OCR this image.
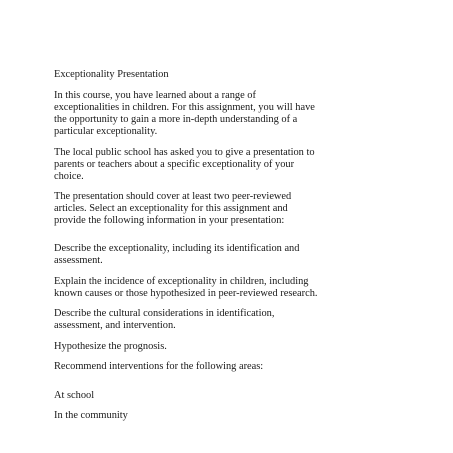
Exceptionality Presentation

In this course, you have learned about a range of

exceptionalities in children. For this assignment, you will have

the opportunity to gain a more in-depth understanding of a

particular exceptionality.

The local public school has asked you to give a presentation to

parents or teachers about a specific exceptionality of your

choice.

The presentation should cover at least two peer-reviewed

articles. Select an exceptionality for this assignment and

provide the following information in your presentation:

Describe the exceptionality, including its identification and

assessment.

Explain the incidence of exceptionality in children, including

known causes or those hypothesized in peer-reviewed research.

Describe the cultural considerations in identification,

assessment, and intervention.

Hypothesize the prognosis.

Recommend interventions for the following areas:

At school

In the community
